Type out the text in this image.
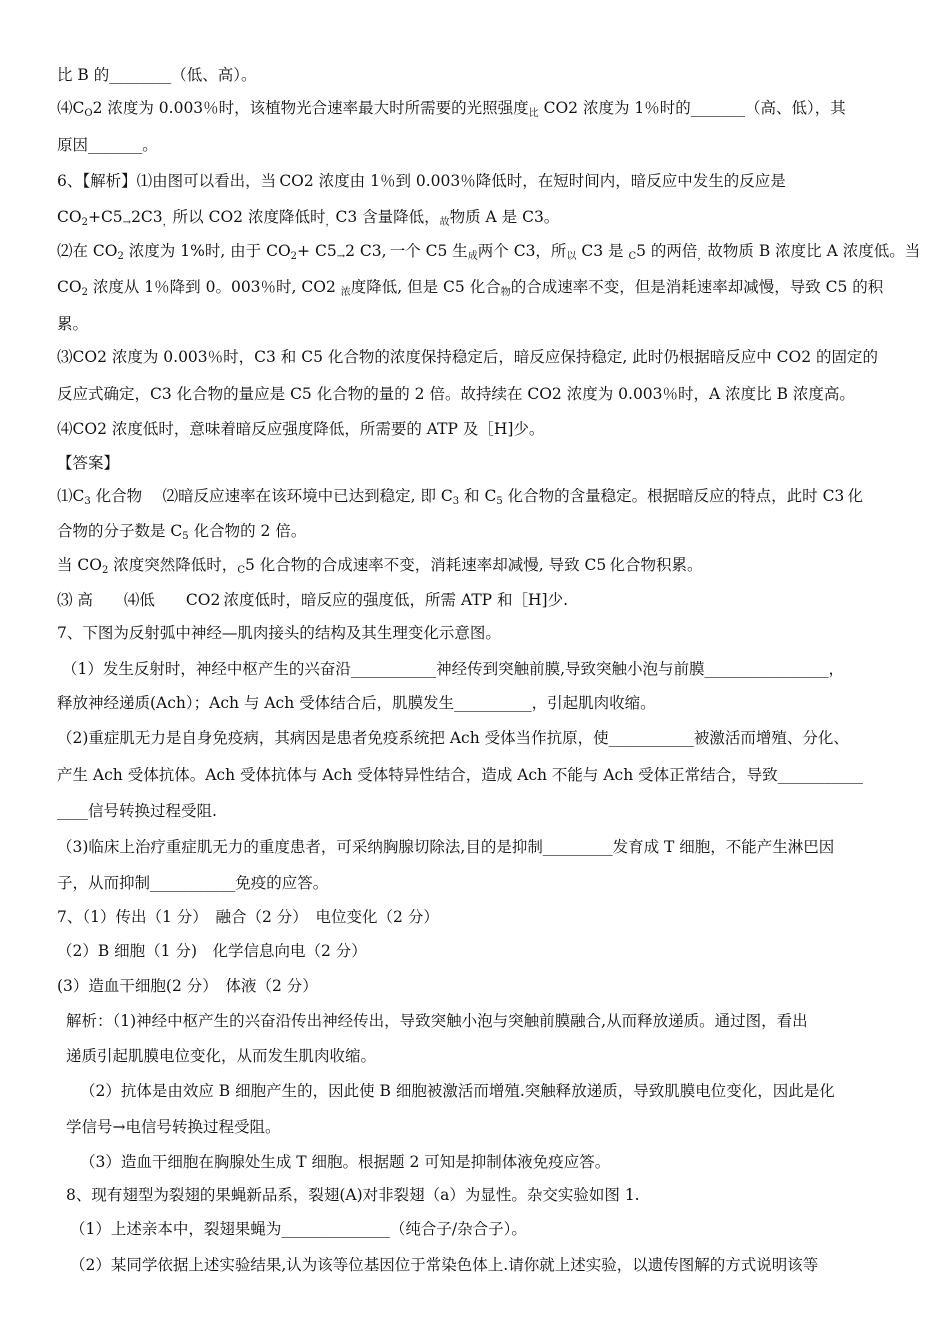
比 B 的________（低、高）。
⑷CO2 浓度为 0.003％时，该植物光合速率最大时所需要的光照强度比 CO2 浓度为 1％时的_______（高、低），其
原因_______。
6、【解析】⑴由图可以看出，当 CO2 浓度由 1％到 0.003％降低时，在短时间内，暗反应中发生的反应是
CO2+C5→2C3，所以 CO2 浓度降低时，C3 含量降低，故物质 A 是 C3。
⑵在 CO2 浓度为 1%时, 由于 CO2+ C5→2 C3, 一个 C5 生成两个 C3，所以 C3 是 C5 的两倍，故物质 B 浓度比 A 浓度低。当
CO2 浓度从 1％降到 0。003％时, CO2 浓度降低, 但是 C5 化合物的合成速率不变，但是消耗速率却减慢，导致 C5 的积
累。
⑶CO2 浓度为 0.003％时，C3 和 C5 化合物的浓度保持稳定后，暗反应保持稳定, 此时仍根据暗反应中 CO2 的固定的
反应式确定，C3 化合物的量应是 C5 化合物的量的 2 倍。故持续在 CO2 浓度为 0.003％时，A 浓度比 B 浓度高。
⑷CO2 浓度低时，意味着暗反应强度降低，所需要的 ATP 及［H]少。
【答案】
⑴C3 化合物　 ⑵暗反应速率在该环境中已达到稳定, 即 C3 和 C5 化合物的含量稳定。根据暗反应的特点，此时 C3 化
合物的分子数是 C5 化合物的 2 倍。
当 CO2 浓度突然降低时，C5 化合物的合成速率不变，消耗速率却减慢, 导致 C5 化合物积累。
⑶ 高　　⑷低　　CO2 浓度低时，暗反应的强度低，所需 ATP 和［H]少.
7、下图为反射弧中神经—肌肉接头的结构及其生理变化示意图。
（1）发生反射时，神经中枢产生的兴奋沿___________神经传到突触前膜,导致突触小泡与前膜________________，
释放神经递质(Ach）；Ach 与 Ach 受体结合后，肌膜发生__________，引起肌肉收缩。
（2)重症肌无力是自身免疫病，其病因是患者免疫系统把 Ach 受体当作抗原，使___________被激活而增殖、分化、
产生 Ach 受体抗体。Ach 受体抗体与 Ach 受体特异性结合，造成 Ach 不能与 Ach 受体正常结合，导致___________
____信号转换过程受阻.
（3)临床上治疗重症肌无力的重度患者，可采纳胸腺切除法,目的是抑制_________发育成 T 细胞，不能产生淋巴因
子，从而抑制___________免疫的应答。
7、（1）传出（1 分）　融合（2 分）　电位变化（2 分）
（2）B 细胞（1 分)　化学信息向电（2 分）
(3）造血干细胞(2 分）　体液（2 分）
解析：（1)神经中枢产生的兴奋沿传出神经传出，导致突触小泡与突触前膜融合,从而释放递质。通过图，看出
递质引起肌膜电位变化，从而发生肌肉收缩。
（2）抗体是由效应 B 细胞产生的，因此使 B 细胞被激活而增殖.突触释放递质，导致肌膜电位变化，因此是化
学信号→电信号转换过程受阻。
（3）造血干细胞在胸腺处生成 T 细胞。根据题 2 可知是抑制体液免疫应答。
8、现有翅型为裂翅的果蝇新品系，裂翅(A)对非裂翅（a）为显性。杂交实验如图 1.
（1）上述亲本中，裂翅果蝇为______________（纯合子/杂合子）。
（2）某同学依据上述实验结果,认为该等位基因位于常染色体上.请你就上述实验，以遗传图解的方式说明该等
